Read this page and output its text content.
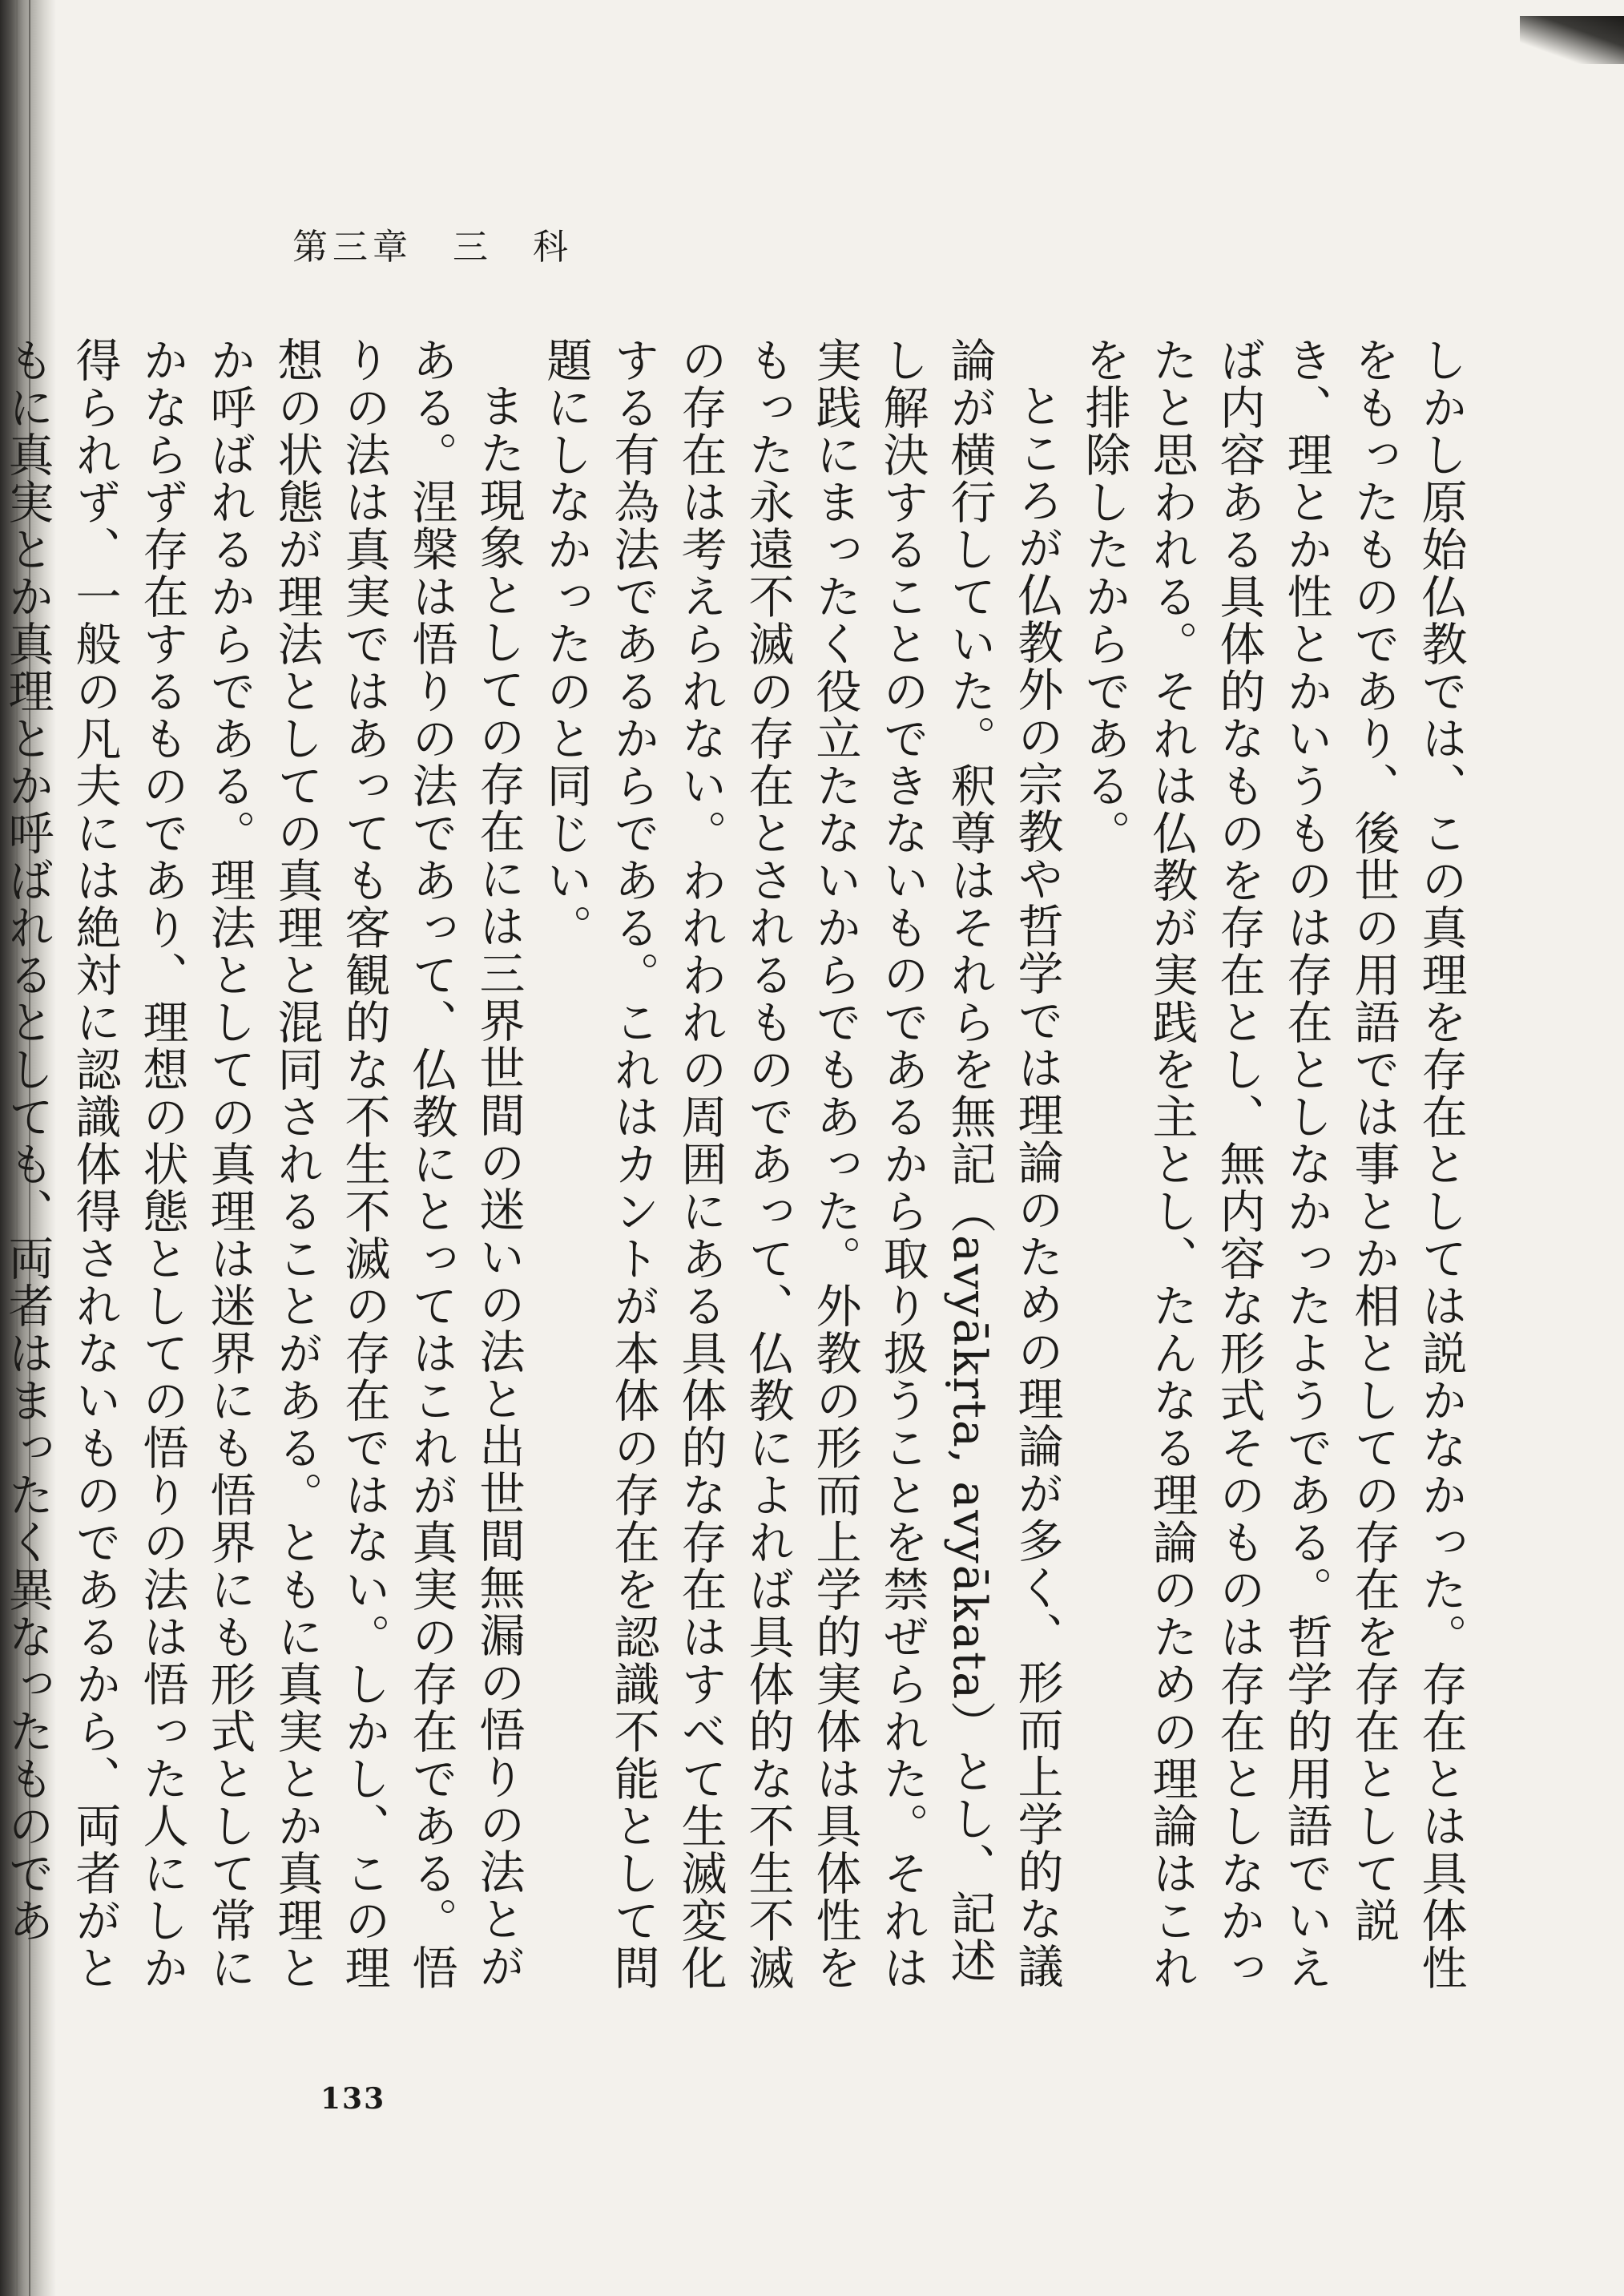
第三章　三　科

しかし原始仏教では、この真理を存在としては説かなかった。存在とは具体性をもったものであり、後世の用語では事とか相としての存在を存在として説き、理とか性とかいうものは存在としなかったようである。哲学的用語でいえば内容ある具体的なものを存在とし、無内容な形式そのものは存在としなかったと思われる。それは仏教が実践を主とし、たんなる理論のための理論はこれを排除したからである。

ところが仏教外の宗教や哲学では理論のための理論が多く、形而上学的な議論が横行していた。釈尊はそれらを無記（avyākṛta, avyākata）とし、記述し解決することのできないものであるから取り扱うことを禁ぜられた。それは実践にまったく役立たないからでもあった。外教の形而上学的実体は具体性をもった永遠不滅の存在とされるものであって、仏教によれば具体的な不生不滅の存在は考えられない。われわれの周囲にある具体的な存在はすべて生滅変化する有為法であるからである。これはカントが本体の存在を認識不能として問題にしなかったのと同じい。

また現象としての存在には三界世間の迷いの法と出世間無漏の悟りの法とがある。涅槃は悟りの法であって、仏教にとってはこれが真実の存在である。悟りの法は真実ではあっても客観的な不生不滅の存在ではない。しかし、この理想の状態が理法としての真理と混同されることがある。ともに真実とか真理とか呼ばれるからである。理法としての真理は迷界にも悟界にも形式として常にかならず存在するものであり、理想の状態としての悟りの法は悟った人にしか得られず、一般の凡夫には絶対に認識体得されないものであるから、両者がともに真実とか真理とか呼ばれるとしても、両者はまったく異なったものであ

133
